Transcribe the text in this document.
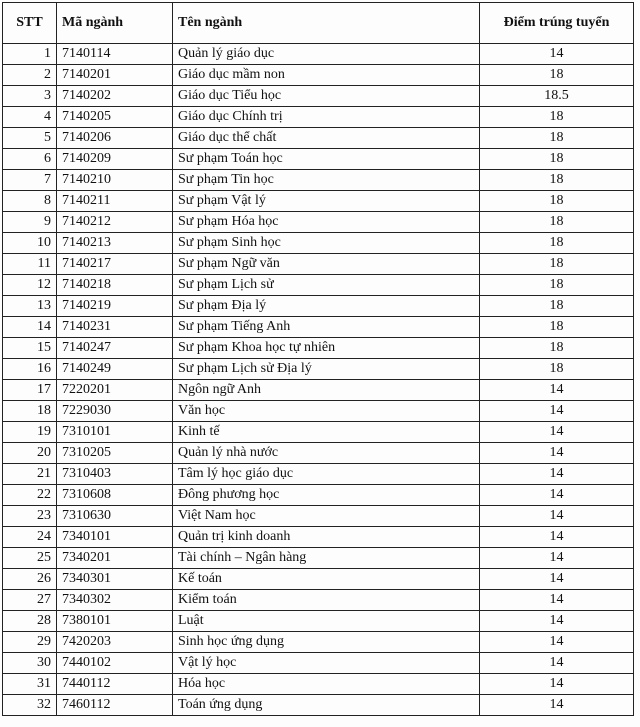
STT	Mã ngành	Tên ngành	Điểm trúng tuyển
1	7140114	Quản lý giáo dục	14
2	7140201	Giáo dục mầm non	18
3	7140202	Giáo dục Tiểu học	18.5
4	7140205	Giáo dục Chính trị	18
5	7140206	Giáo dục thể chất	18
6	7140209	Sư phạm Toán học	18
7	7140210	Sư phạm Tin học	18
8	7140211	Sư phạm Vật lý	18
9	7140212	Sư phạm Hóa học	18
10	7140213	Sư phạm Sinh học	18
11	7140217	Sư phạm Ngữ văn	18
12	7140218	Sư phạm Lịch sử	18
13	7140219	Sư phạm Địa lý	18
14	7140231	Sư phạm Tiếng Anh	18
15	7140247	Sư phạm Khoa học tự nhiên	18
16	7140249	Sư phạm Lịch sử Địa lý	18
17	7220201	Ngôn ngữ Anh	14
18	7229030	Văn học	14
19	7310101	Kinh tế	14
20	7310205	Quản lý nhà nước	14
21	7310403	Tâm lý học giáo dục	14
22	7310608	Đông phương học	14
23	7310630	Việt Nam học	14
24	7340101	Quản trị kinh doanh	14
25	7340201	Tài chính – Ngân hàng	14
26	7340301	Kế toán	14
27	7340302	Kiểm toán	14
28	7380101	Luật	14
29	7420203	Sinh học ứng dụng	14
30	7440102	Vật lý học	14
31	7440112	Hóa học	14
32	7460112	Toán ứng dụng	14
